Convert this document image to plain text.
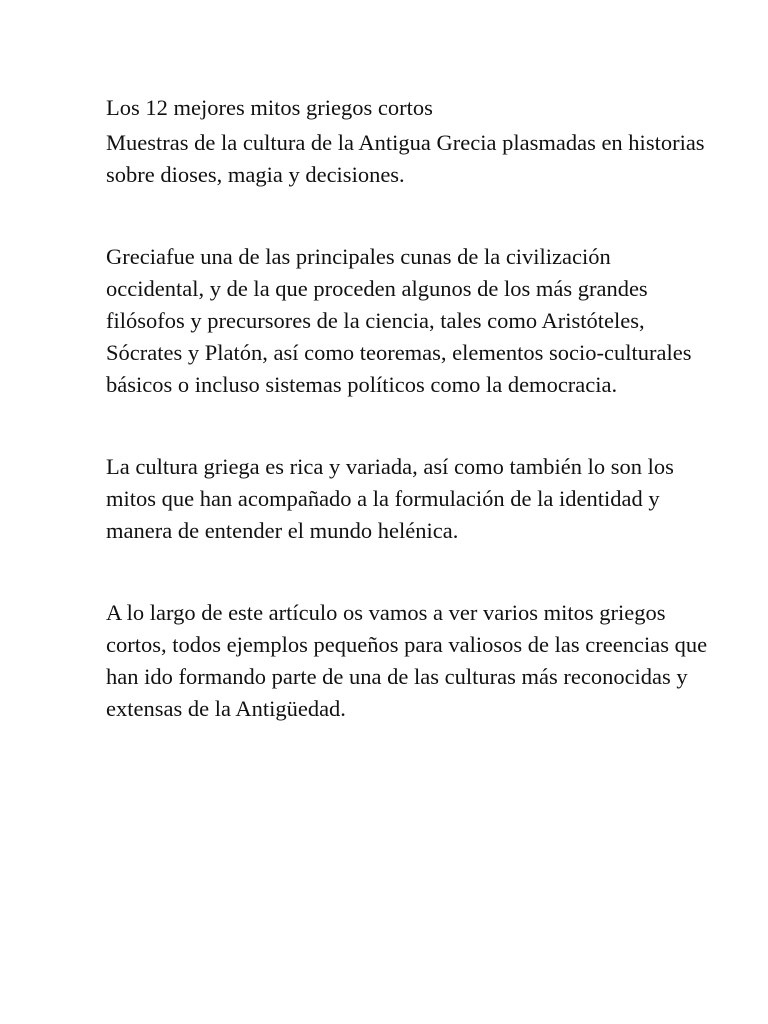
Los 12 mejores mitos griegos cortos

Muestras de la cultura de la Antigua Grecia plasmadas en historias sobre dioses, magia y decisiones.

Greciafue una de las principales cunas de la civilización occidental, y de la que proceden algunos de los más grandes filósofos y precursores de la ciencia, tales como Aristóteles, Sócrates y Platón, así como teoremas, elementos socio-culturales básicos o incluso sistemas políticos como la democracia.

La cultura griega es rica y variada, así como también lo son los mitos que han acompañado a la formulación de la identidad y manera de entender el mundo helénica.

A lo largo de este artículo os vamos a ver varios mitos griegos cortos, todos ejemplos pequeños para valiosos de las creencias que han ido formando parte de una de las culturas más reconocidas y extensas de la Antigüedad.
